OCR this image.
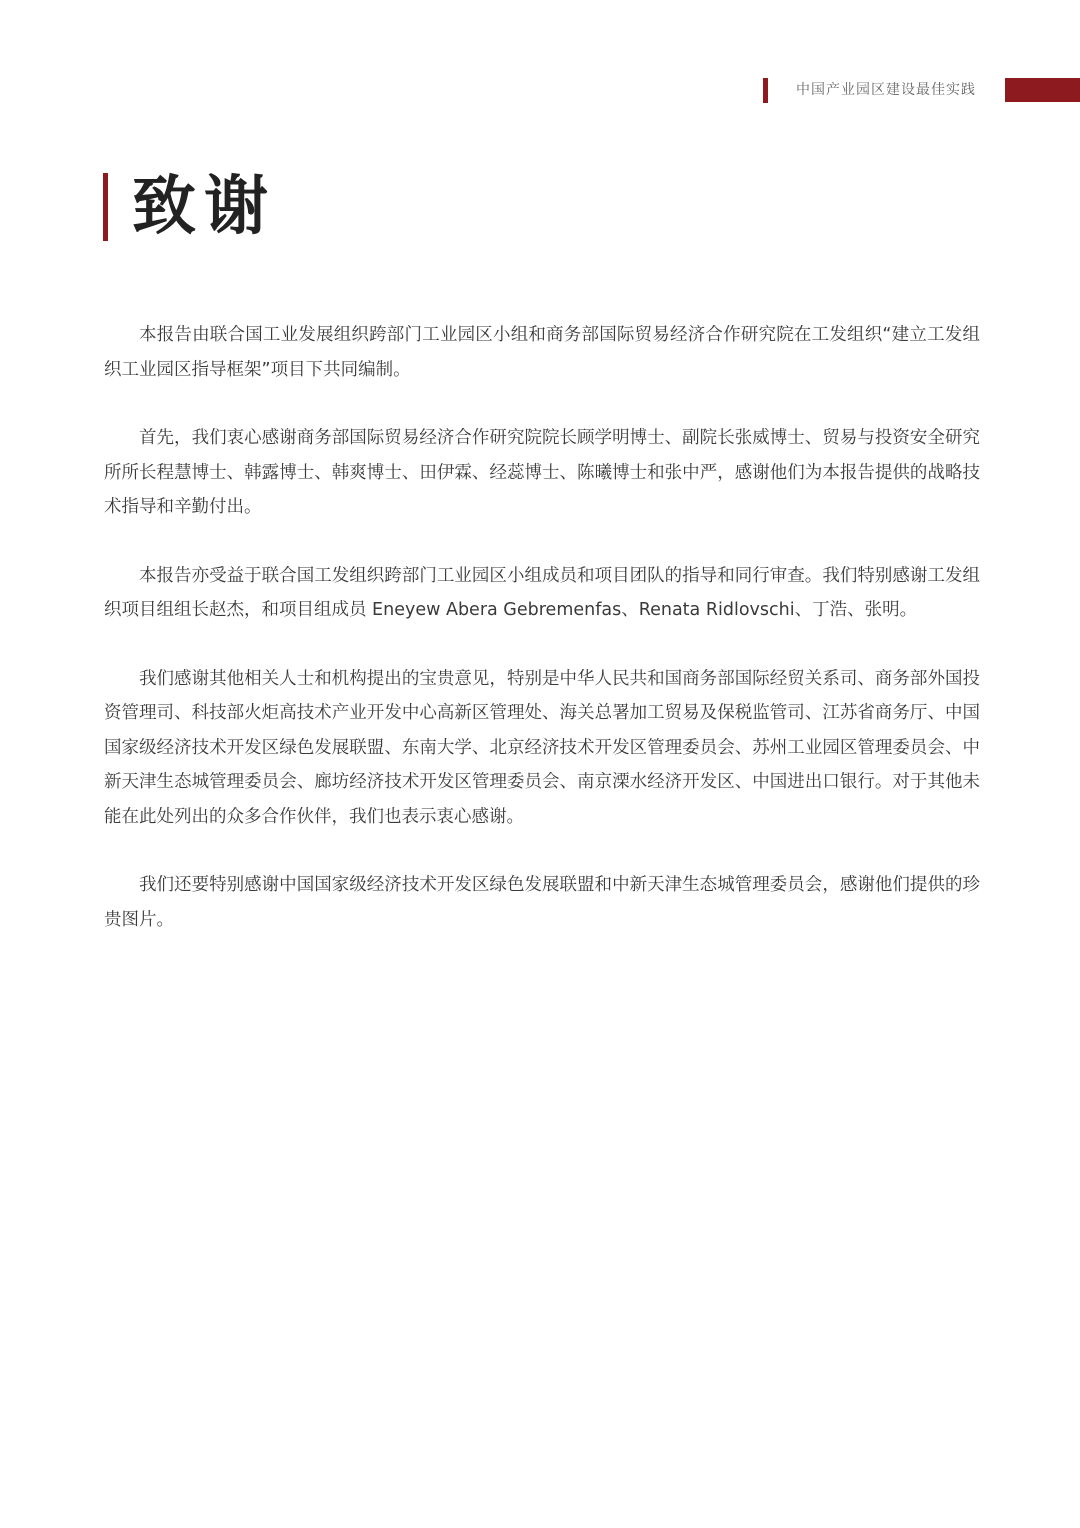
中国产业园区建设最佳实践
致谢

本报告由联合国工业发展组织跨部门工业园区小组和商务部国际贸易经济合作研究院在工发组织“建立工发组织工业园区指导框架”项目下共同编制。

首先，我们衷心感谢商务部国际贸易经济合作研究院院长顾学明博士、副院长张威博士、贸易与投资安全研究所所长程慧博士、韩露博士、韩爽博士、田伊霖、经蕊博士、陈曦博士和张中严，感谢他们为本报告提供的战略技术指导和辛勤付出。

本报告亦受益于联合国工发组织跨部门工业园区小组成员和项目团队的指导和同行审查。我们特别感谢工发组织项目组组长赵杰，和项目组成员 Eneyew Abera Gebremenfas、Renata Ridlovschi、丁浩、张明。

我们感谢其他相关人士和机构提出的宝贵意见，特别是中华人民共和国商务部国际经贸关系司、商务部外国投资管理司、科技部火炬高技术产业开发中心高新区管理处、海关总署加工贸易及保税监管司、江苏省商务厅、中国国家级经济技术开发区绿色发展联盟、东南大学、北京经济技术开发区管理委员会、苏州工业园区管理委员会、中新天津生态城管理委员会、廊坊经济技术开发区管理委员会、南京溧水经济开发区、中国进出口银行。对于其他未能在此处列出的众多合作伙伴，我们也表示衷心感谢。

我们还要特别感谢中国国家级经济技术开发区绿色发展联盟和中新天津生态城管理委员会，感谢他们提供的珍贵图片。
